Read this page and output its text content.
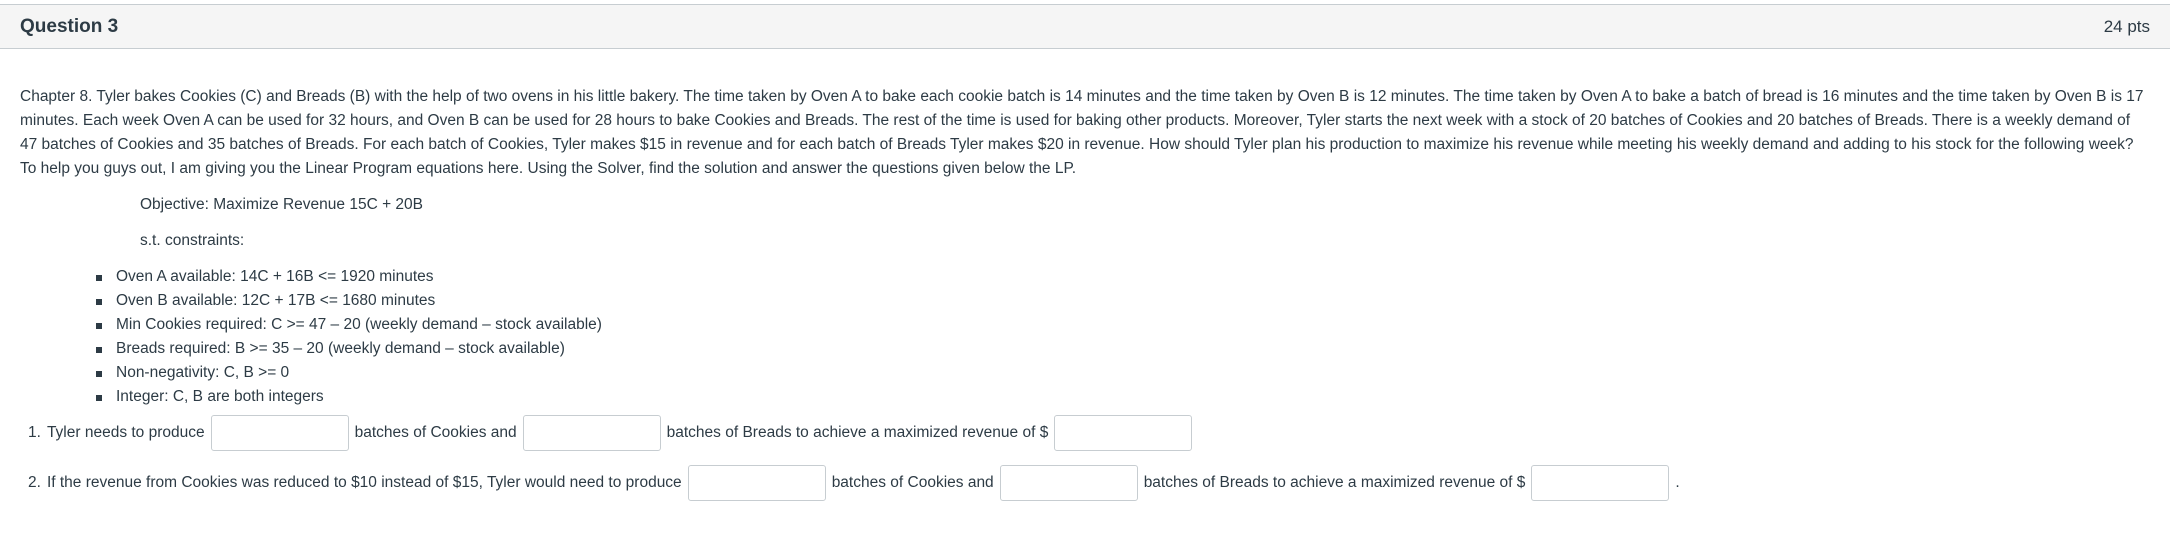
Question 3	24 pts

Chapter 8. Tyler bakes Cookies (C) and Breads (B) with the help of two ovens in his little bakery. The time taken by Oven A to bake each cookie batch is 14 minutes and the time taken by Oven B is 12 minutes. The time taken by Oven A to bake a batch of bread is 16 minutes and the time taken by Oven B is 17 minutes. Each week Oven A can be used for 32 hours, and Oven B can be used for 28 hours to bake Cookies and Breads. The rest of the time is used for baking other products. Moreover, Tyler starts the next week with a stock of 20 batches of Cookies and 20 batches of Breads. There is a weekly demand of 47 batches of Cookies and 35 batches of Breads. For each batch of Cookies, Tyler makes $15 in revenue and for each batch of Breads Tyler makes $20 in revenue. How should Tyler plan his production to maximize his revenue while meeting his weekly demand and adding to his stock for the following week? To help you guys out, I am giving you the Linear Program equations here. Using the Solver, find the solution and answer the questions given below the LP.

Objective: Maximize Revenue 15C + 20B
s.t. constraints:
Oven A available: 14C + 16B <= 1920 minutes
Oven B available: 12C + 17B <= 1680 minutes
Min Cookies required: C >= 47 – 20 (weekly demand – stock available)
Breads required: B >= 35 – 20 (weekly demand – stock available)
Non-negativity: C, B >= 0
Integer: C, B are both integers
1. Tyler needs to produce	batches of Cookies and	batches of Breads to achieve a maximized revenue of $
2. If the revenue from Cookies was reduced to $10 instead of $15, Tyler would need to produce	batches of Cookies and	batches of Breads to achieve a maximized revenue of $	.
